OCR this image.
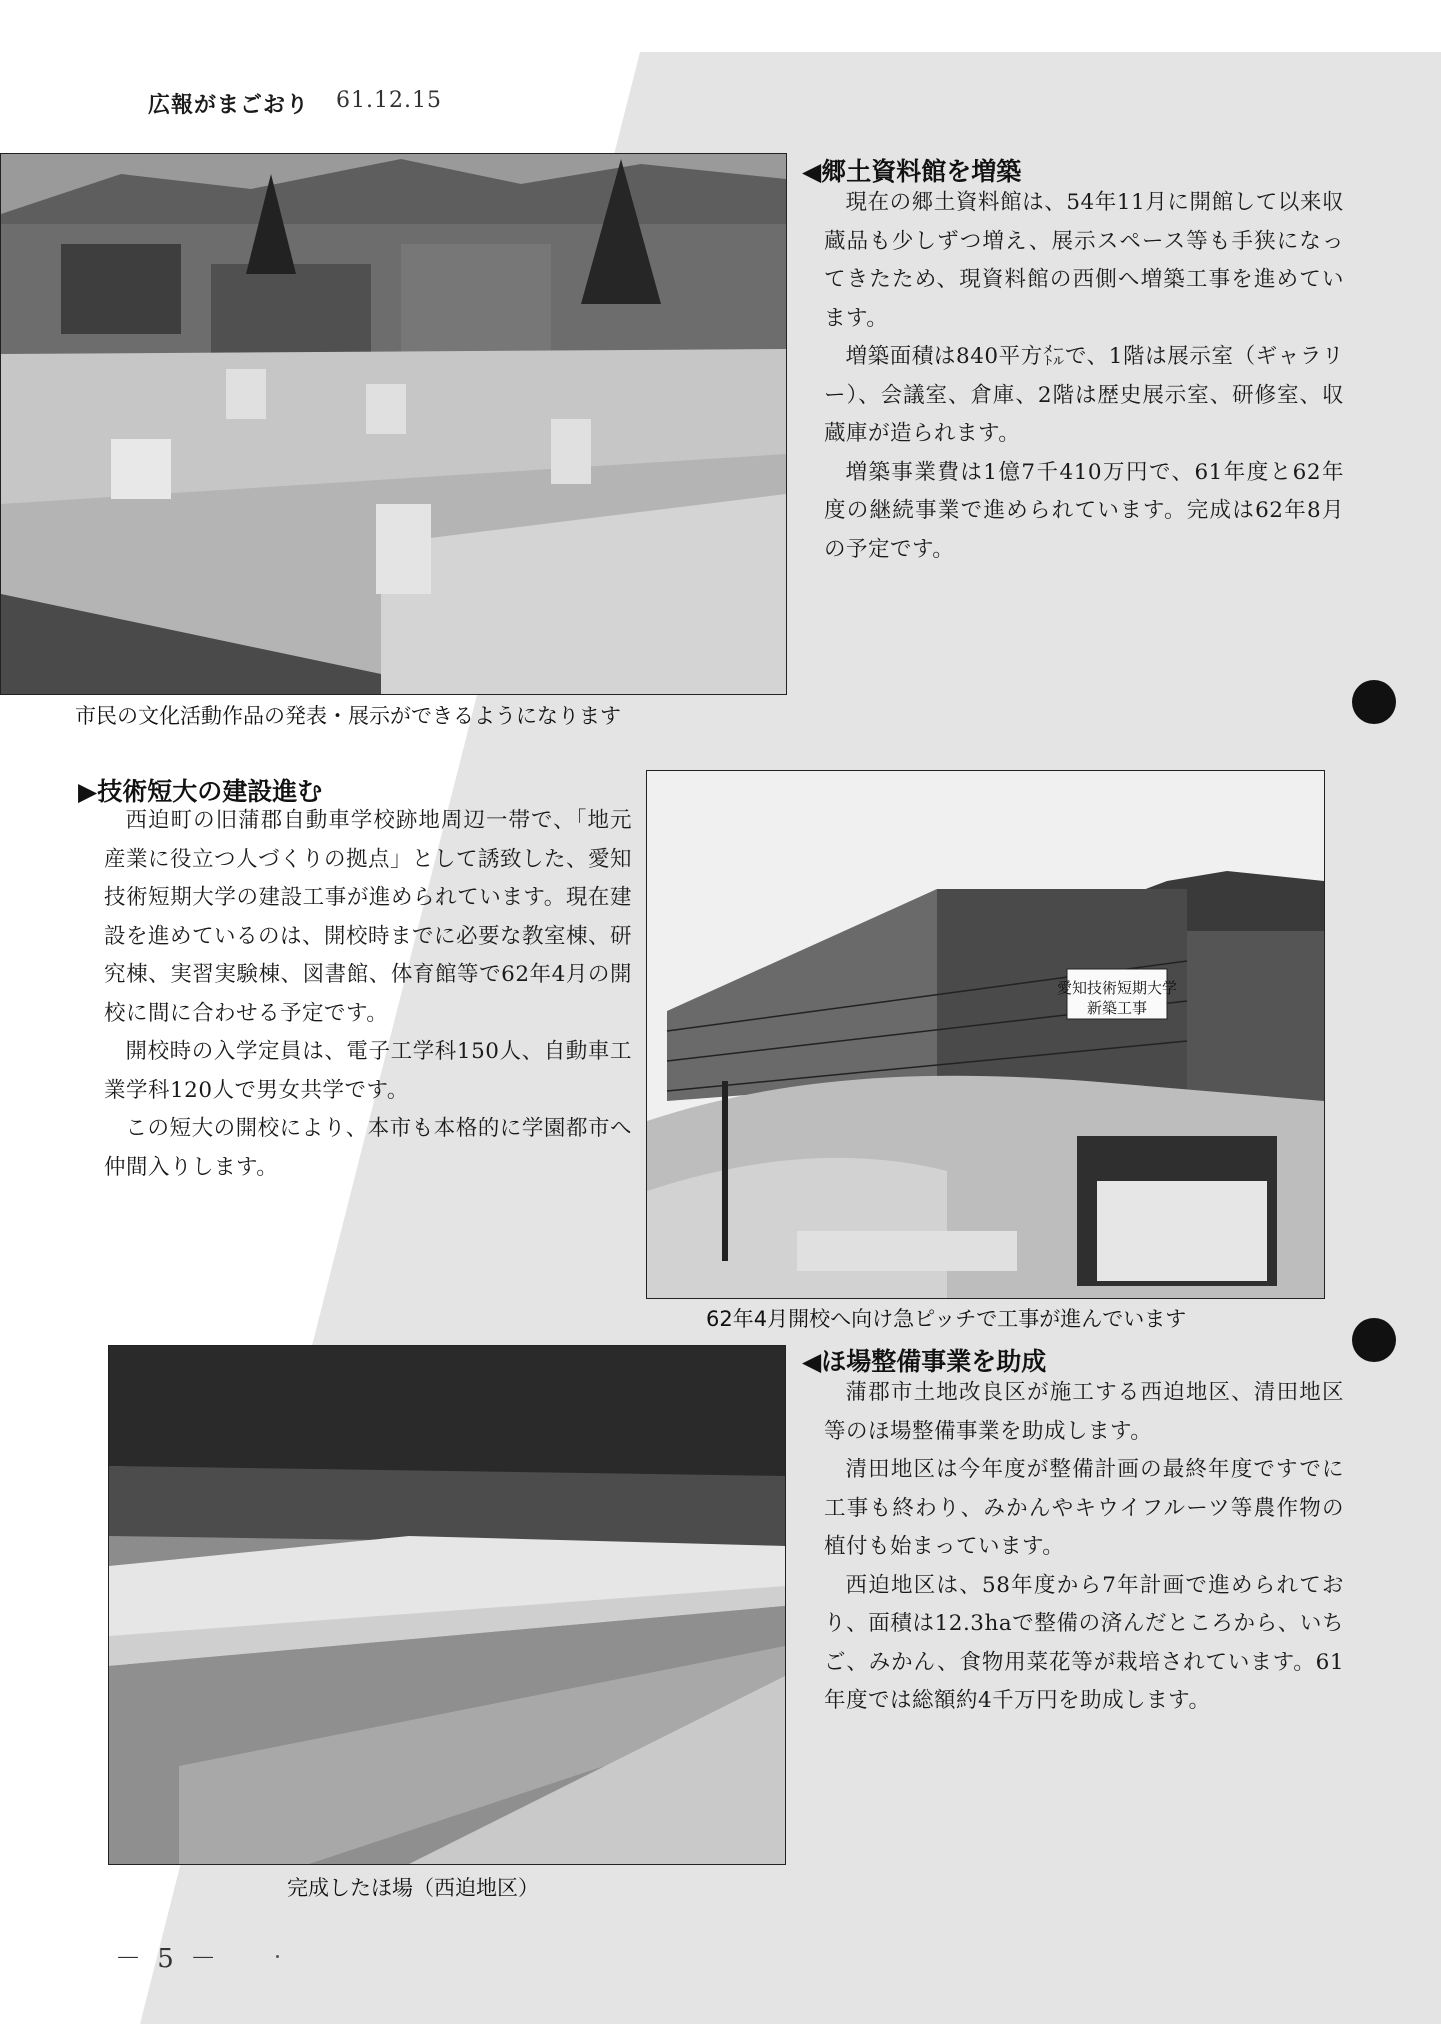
広報がまごおり 61.12.15
市民の文化活動作品の発表・展示ができるようになります
◀郷土資料館を増築

現在の郷土資料館は、54年11月に開館して以来収蔵品も少しずつ増え、展示スペース等も手狭になってきたため、現資料館の西側へ増築工事を進めています。

増築面積は840平方㍍で、1階は展示室（ギャラリー）、会議室、倉庫、2階は歴史展示室、研修室、収蔵庫が造られます。

増築事業費は1億7千410万円で、61年度と62年度の継続事業で進められています。完成は62年8月の予定です。

▶技術短大の建設進む

西迫町の旧蒲郡自動車学校跡地周辺一帯で、「地元産業に役立つ人づくりの拠点」として誘致した、愛知技術短期大学の建設工事が進められています。現在建設を進めているのは、開校時までに必要な教室棟、研究棟、実習実験棟、図書館、体育館等で62年4月の開校に間に合わせる予定です。

開校時の入学定員は、電子工学科150人、自動車工業学科120人で男女共学です。

この短大の開校により、本市も本格的に学園都市へ仲間入りします。

愛知技術短期大学
新築工事
62年4月開校へ向け急ピッチで工事が進んでいます
完成したほ場（西迫地区）
◀ほ場整備事業を助成

蒲郡市土地改良区が施工する西迫地区、清田地区等のほ場整備事業を助成します。

清田地区は今年度が整備計画の最終年度ですでに工事も終わり、みかんやキウイフルーツ等農作物の植付も始まっています。

西迫地区は、58年度から7年計画で進められており、面積は12.3haで整備の済んだところから、いちご、みかん、食物用菜花等が栽培されています。61年度では総額約4千万円を助成します。

－ 5 －
